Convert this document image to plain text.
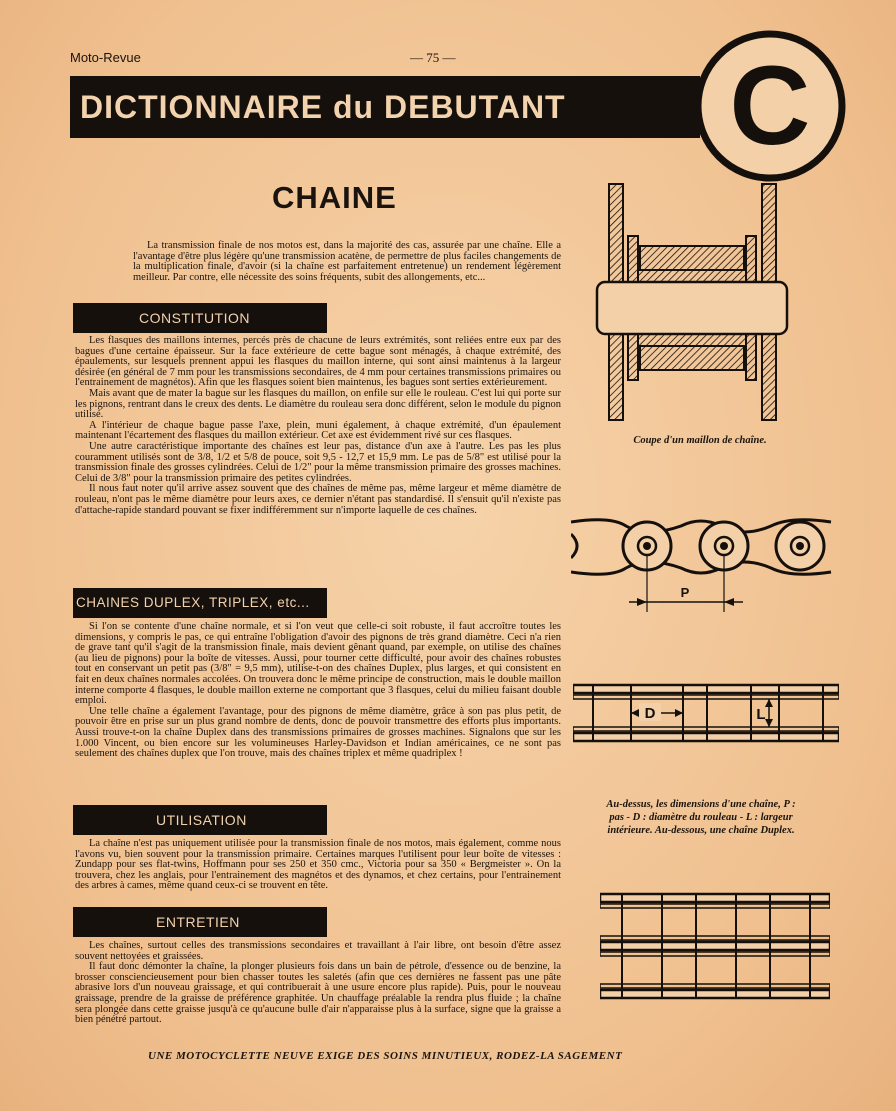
Moto-Revue	— 75 —
DICTIONNAIRE du DEBUTANT C
CHAINE

La transmission finale de nos motos est, dans la majorité des cas, assurée par une chaîne. Elle a l'avantage d'être plus légère qu'une transmission acatène, de permettre de plus faciles changements de la multiplication finale, d'avoir (si la chaîne est parfaitement entretenue) un rendement légèrement meilleur. Par contre, elle nécessite des soins fréquents, subit des allongements, etc...

CONSTITUTION

Les flasques des maillons internes, percés près de chacune de leurs extrémités, sont reliées entre eux par des bagues d'une certaine épaisseur. Sur la face extérieure de cette bague sont ménagés, à chaque extrémité, des épaulements, sur lesquels prennent appui les flasques du maillon interne, qui sont ainsi maintenus à la largeur désirée (en général de 7 mm pour les transmissions secondaires, de 4 mm pour certaines transmissions primaires ou l'entrainement de magnétos). Afin que les flasques soient bien maintenus, les bagues sont serties extérieurement.

Mais avant que de mater la bague sur les flasques du maillon, on enfile sur elle le rouleau. C'est lui qui porte sur les pignons, rentrant dans le creux des dents. Le diamètre du rouleau sera donc différent, selon le module du pignon utilisé.

A l'intérieur de chaque bague passe l'axe, plein, muni également, à chaque extrémité, d'un épaulement maintenant l'écartement des flasques du maillon extérieur. Cet axe est évidemment rivé sur ces flasques.

Une autre caractéristique importante des chaînes est leur pas, distance d'un axe à l'autre. Les pas les plus couramment utilisés sont de 3/8, 1/2 et 5/8 de pouce, soit 9,5 - 12,7 et 15,9 mm. Le pas de 5/8" est utilisé pour la transmission finale des grosses cylindrées. Celui de 1/2" pour la même transmission primaire des grosses machines. Celui de 3/8" pour la transmission primaire des petites cylindrées.

Il nous faut noter qu'il arrive assez souvent que des chaînes de même pas, même largeur et même diamètre de rouleau, n'ont pas le même diamètre pour leurs axes, ce dernier n'étant pas standardisé. Il s'ensuit qu'il n'existe pas d'attache-rapide standard pouvant se fixer indifféremment sur n'importe laquelle de ces chaînes.

CHAINES DUPLEX, TRIPLEX, etc...

Si l'on se contente d'une chaîne normale, et si l'on veut que celle-ci soit robuste, il faut accroître toutes les dimensions, y compris le pas, ce qui entraîne l'obligation d'avoir des pignons de très grand diamètre. Ceci n'a rien de grave tant qu'il s'agit de la transmission finale, mais devient gênant quand, par exemple, on utilise des chaînes (au lieu de pignons) pour la boîte de vitesses. Aussi, pour tourner cette difficulté, pour avoir des chaînes robustes tout en conservant un petit pas (3/8" = 9,5 mm), utilise-t-on des chaînes Duplex, plus larges, et qui consistent en fait en deux chaînes normales accolées. On trouvera donc le même principe de construction, mais le double maillon interne comporte 4 flasques, le double maillon externe ne comportant que 3 flasques, celui du milieu faisant double emploi.

Une telle chaîne a également l'avantage, pour des pignons de même diamètre, grâce à son pas plus petit, de pouvoir être en prise sur un plus grand nombre de dents, donc de pouvoir transmettre des efforts plus importants. Aussi trouve-t-on la chaîne Duplex dans des transmissions primaires de grosses machines. Signalons que sur les 1.000 Vincent, ou bien encore sur les volumineuses Harley-Davidson et Indian américaines, ce ne sont pas seulement des chaînes duplex que l'on trouve, mais des chaînes triplex et même quadriplex !

UTILISATION

La chaîne n'est pas uniquement utilisée pour la transmission finale de nos motos, mais également, comme nous l'avons vu, bien souvent pour la transmission primaire. Certaines marques l'utilisent pour leur boîte de vitesses : Zundapp pour ses flat-twins, Hoffmann pour ses 250 et 350 cmc., Victoria pour sa 350 « Bergmeister ». On la trouvera, chez les anglais, pour l'entrainement des magnétos et des dynamos, et chez certains, pour l'entrainement des arbres à cames, même quand ceux-ci se trouvent en tête.

ENTRETIEN

Les chaînes, surtout celles des transmissions secondaires et travaillant à l'air libre, ont besoin d'être assez souvent nettoyées et graissées.

Il faut donc démonter la chaîne, la plonger plusieurs fois dans un bain de pétrole, d'essence ou de benzine, la brosser consciencieusement pour bien chasser toutes les saletés (afin que ces dernières ne fassent pas une pâte abrasive lors d'un nouveau graissage, et qui contribuerait à une usure encore plus rapide). Puis, pour le nouveau graissage, prendre de la graisse de préférence graphitée. Un chauffage préalable la rendra plus fluide ; la chaîne sera plongée dans cette graisse jusqu'à ce qu'aucune bulle d'air n'apparaisse plus à la surface, signe que la graisse a bien pénétré partout.

Coupe d'un maillon de chaîne.
P
D	L
Au-dessus, les dimensions d'une chaîne, P : pas - D : diamètre du rouleau - L : largeur intérieure. Au-dessous, une chaîne Duplex.
UNE MOTOCYCLETTE NEUVE EXIGE DES SOINS MINUTIEUX, RODEZ-LA SAGEMENT
